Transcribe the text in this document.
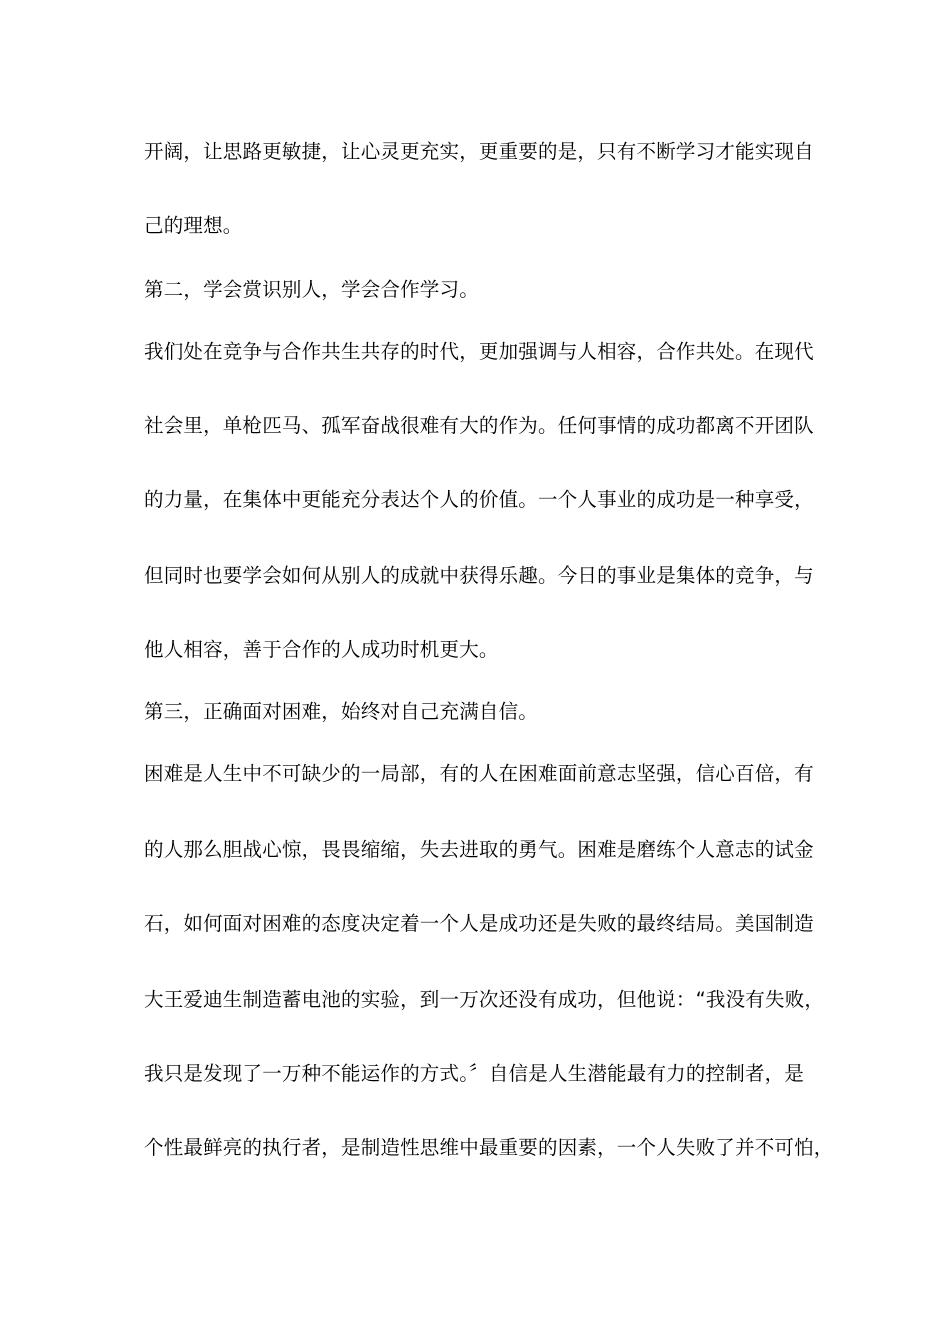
开阔，让思路更敏捷，让心灵更充实，更重要的是，只有不断学习才能实现自
己的理想。
第二，学会赏识别人，学会合作学习。
我们处在竞争与合作共生共存的时代，更加强调与人相容，合作共处。在现代
社会里，单枪匹马、孤军奋战很难有大的作为。任何事情的成功都离不开团队
的力量，在集体中更能充分表达个人的价值。一个人事业的成功是一种享受，
但同时也要学会如何从别人的成就中获得乐趣。今日的事业是集体的竞争，与
他人相容，善于合作的人成功时机更大。
第三，正确面对困难，始终对自己充满自信。
困难是人生中不可缺少的一局部，有的人在困难面前意志坚强，信心百倍，有
的人那么胆战心惊，畏畏缩缩，失去进取的勇气。困难是磨练个人意志的试金
石，如何面对困难的态度决定着一个人是成功还是失败的最终结局。美国制造
大王爱迪生制造蓄电池的实验，到一万次还没有成功，但他说：“我没有失败，
我只是发现了一万种不能运作的方式。〞自信是人生潜能最有力的控制者，是
个性最鲜亮的执行者，是制造性思维中最重要的因素，一个人失败了并不可怕，
